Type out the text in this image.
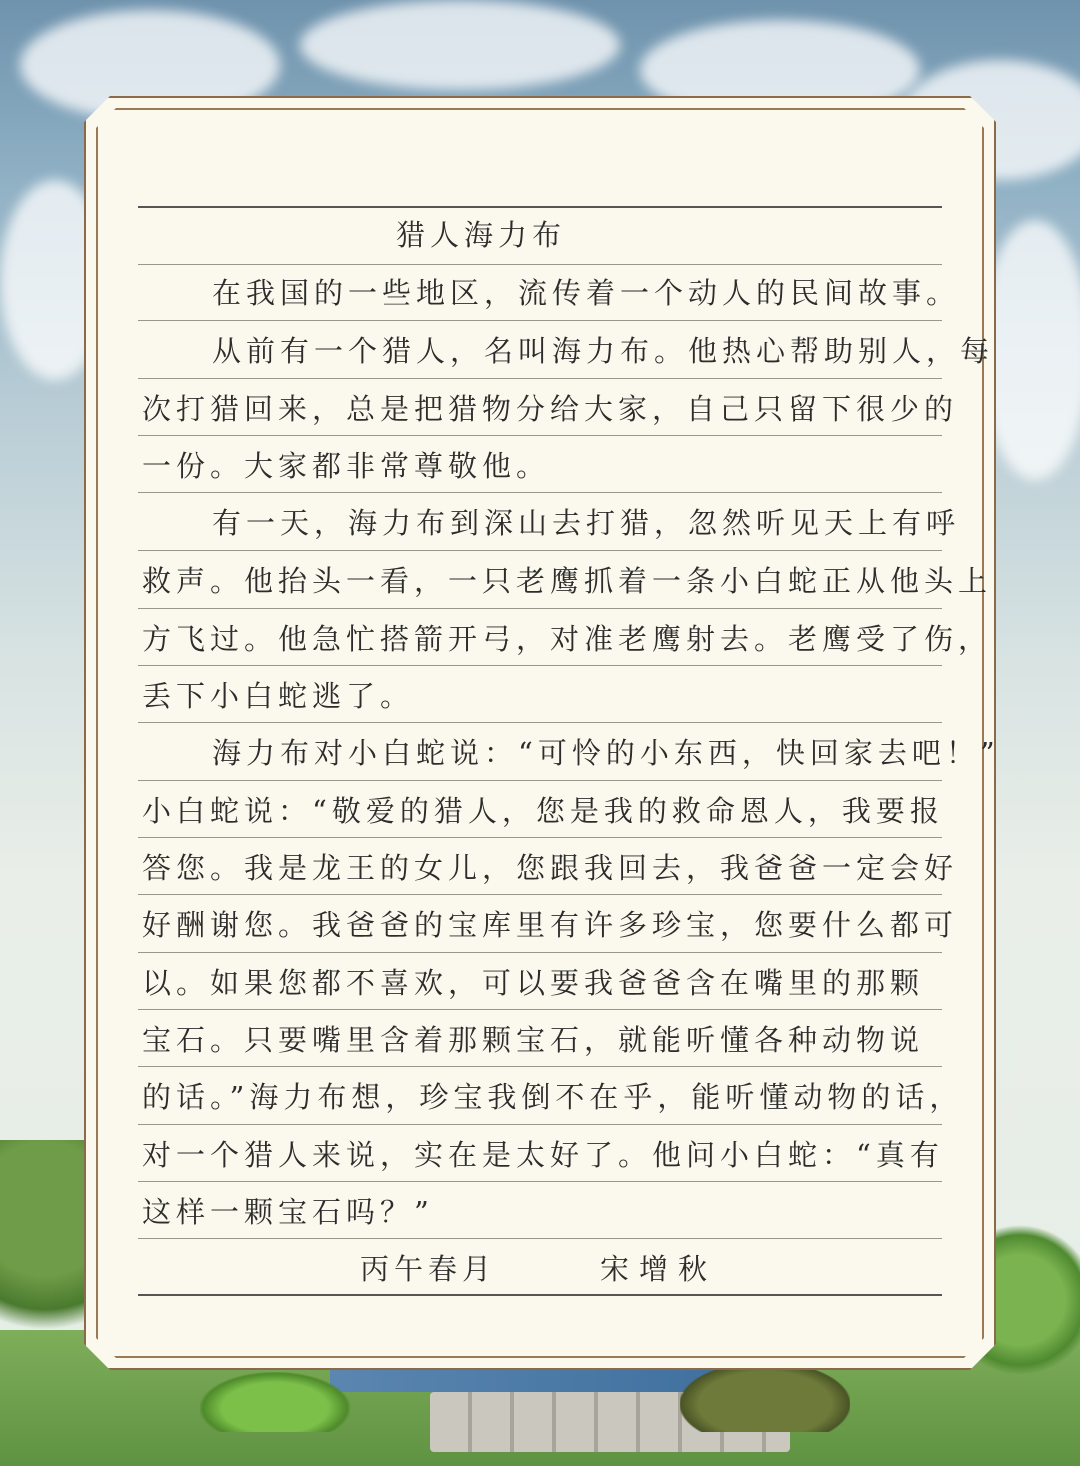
猎人海力布
在我国的一些地区，流传着一个动人的民间故事。
从前有一个猎人，名叫海力布。他热心帮助别人，每
次打猎回来，总是把猎物分给大家，自己只留下很少的
一份。大家都非常尊敬他。
有一天，海力布到深山去打猎，忽然听见天上有呼
救声。他抬头一看，一只老鹰抓着一条小白蛇正从他头上
方飞过。他急忙搭箭开弓，对准老鹰射去。老鹰受了伤，
丢下小白蛇逃了。
海力布对小白蛇说：“可怜的小东西，快回家去吧！”
小白蛇说：“敬爱的猎人，您是我的救命恩人，我要报
答您。我是龙王的女儿，您跟我回去，我爸爸一定会好
好酬谢您。我爸爸的宝库里有许多珍宝，您要什么都可
以。如果您都不喜欢，可以要我爸爸含在嘴里的那颗
宝石。只要嘴里含着那颗宝石，就能听懂各种动物说
的话。”海力布想，珍宝我倒不在乎，能听懂动物的话，
对一个猎人来说，实在是太好了。他问小白蛇：“真有
这样一颗宝石吗？”
丙午春月	宋增秋
